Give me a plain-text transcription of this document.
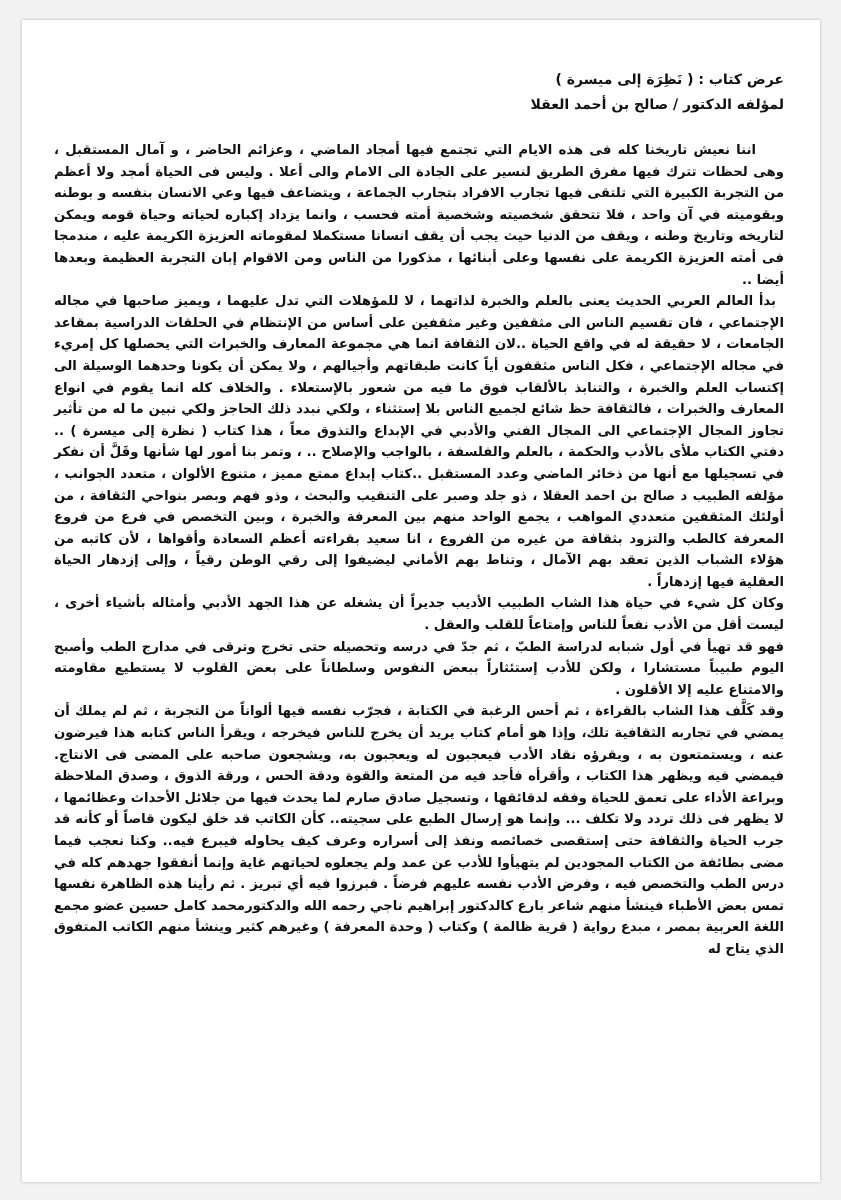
عرض كتاب : ( نَظِرَة إلى ميسرة )
لمؤلفه الدكتور / صالح بن أحمد العقلا

اننا نعيش تاريخنا كله فى هذه الايام التي تجتمع فيها أمجاد الماضي ، وعزائم الحاضر ، و آمال المستقبل ، وهى لحظات تترك فيها مفرق الطريق لنسير على الجادة الى الامام والى أعلا . وليس فى الحياة أمجد ولا أعظم من التجربة الكبيرة التي تلتقى فيها تجارب الافراد بتجارب الجماعة ، ويتضاعف فيها وعي الانسان بنفسه و بوطنه وبقوميته في آن واحد ، فلا تتحقق شخصيته وشخصية أمته فحسب ، وانما يزداد إكباره لحياته وحياة قومه ويمكن لتاريخه وتاريخ وطنه ، ويقف من الدنيا حيث يجب أن يقف انسانا مستكملا لمقوماته العزيزة الكريمة عليه ، مندمجا فى أمته العزيزة الكريمة على نفسها وعلى أبنائها ، مذكورا من الناس ومن الاقوام إبان التجربة العظيمة وبعدها أيضا ..

بدأ العالم العربي الحديث يعنى بالعلم والخبرة لذاتهما ، لا للمؤهلات التي تدل عليهما ، ويميز صاحبها في مجاله الإجتماعي ، فان تقسيم الناس الى مثقفين وغير مثقفين على أساس من الإنتظام في الحلقات الدراسية بمقاعد الجامعات ، لا حقيقة له في واقع الحياة ..لان الثقافة انما هي مجموعة المعارف والخبرات التي يحصلها كل إمريء في مجاله الإجتماعي ، فكل الناس مثقفون أياً كانت طبقاتهم وأجيالهم ، ولا يمكن أن يكونا وحدهما الوسيلة الى إكتساب العلم والخبرة ، والتنابذ بالألقاب فوق ما فيه من شعور بالإستعلاء . والخلاف كله انما يقوم في انواع المعارف والخبرات ، فالثقافة حظ شائع لجميع الناس بلا إستثناء ، ولكي نبدد ذلك الحاجز ولكي نبين ما له من تأثير تجاوز المجال الإجتماعي الى المجال الفني والأدبي في الإبداع والتذوق معاً ، هذا كتاب ( نظرة إلى ميسرة ) .. دفتي الكتاب ملأى بالأدب والحكمة ، بالعلم والفلسفة ، بالواجب والإصلاح .. ، وتمر بنا أمور لها شأنها وقَلَّ أن نفكر في تسجيلها مع أنها من ذخائر الماضي وعدد المستقبل ..كتاب إبداع ممتع مميز ، متنوع الألوان ، متعدد الجوانب ، مؤلفه الطبيب د صالح بن احمد العقلا ، ذو جلد وصبر على التنقيب والبحث ، وذو فهم وبصر بنواحي الثقافة ، من أولئك المثقفين متعددي المواهب ، يجمع الواحد منهم بين المعرفة والخبرة ، وبين التخصص في فرع من فروع المعرفة كالطب والتزود بثقافة من غيره من الفروع ، انا سعيد بقراءته أعظم السعادة وأقواها ، لأن كاتبه من هؤلاء الشباب الذين تعقد بهم الآمال ، وتناط بهم الأماني ليضيفوا إلى رقي الوطن رقياً ، وإلى إزدهار الحياة العقلية فيها إزدهاراً .

وكان كل شيء في حياة هذا الشاب الطبيب الأديب جديراً أن يشغله عن هذا الجهد الأدبي وأمثاله بأشياء أخرى ، ليست أقل من الأدب نفعاً للناس وإمتاعاً للقلب والعقل .

فهو قد تهيأ في أول شبابه لدراسة الطبّ ، ثم جدّ في درسه وتحصيله حتى تخرج وترقى في مدارج الطب وأصبح اليوم طبيباً مستشارا ، ولكن للأدب إستئثاراً ببعض النفوس وسلطاناً على بعض القلوب لا يستطيع مقاومته والامتناع عليه إلا الأقلون .

وقد كَلَّف هذا الشاب بالقراءة ، ثم أحس الرغبة في الكتابة ، فجرّب نفسه فيها ألواناً من التجربة ، ثم لم يملك أن يمضي في تجاربه الثقافية تلك، وإذا هو أمام كتاب يريد أن يخرج للناس فيخرجه ، ويقرأ الناس كتابه هذا فيرضون عنه ، ويستمتعون به ، ويقرؤه نقاد الأدب فيعجبون له ويعجبون به، ويشجعون صاحبه على المضى فى الانتاج. فيمضي فيه ويظهر هذا الكتاب ، وأقرأه فأجد فيه من المتعة والقوة ودقة الحس ، ورقة الذوق ، وصدق الملاحظة وبراعة الأداء على تعمق للحياة وفقه لدقائقها ، وتسجيل صادق صارم لما يحدث فيها من جلائل الأحداث وعظائمها ، لا يظهر فى ذلك تردد ولا تكلف ... وإنما هو إرسال الطبع على سجيته.. كأن الكاتب قد خلق ليكون قاصاً أو كأنه قد جرب الحياة والثقافة حتى إستقصى خصائصه ونفذ إلى أسراره وعرف كيف يحاوله فيبرع فيه.. وكنا نعجب فيما مضى بطائفة من الكتاب المجودين لم يتهيأوا للأدب عن عمد ولم يجعلوه لحياتهم غاية وإنما أنفقوا جهدهم كله في درس الطب والتخصص فيه ، وفرض الأدب نفسه عليهم فرضاً . فبرزوا فيه أي تبريز . ثم رأينا هذه الظاهرة نفسها تمس بعض الأطباء فينشأ منهم شاعر بارع كالدكتور إبراهيم ناجي رحمه الله والدكتورمحمد كامل حسين عضو مجمع اللغة العربية بمصر ، مبدع رواية ( قرية ظالمة ) وكتاب ( وحدة المعرفة ) وغيرهم كثير وينشأ منهم الكاتب المتفوق الذي يتاح له
